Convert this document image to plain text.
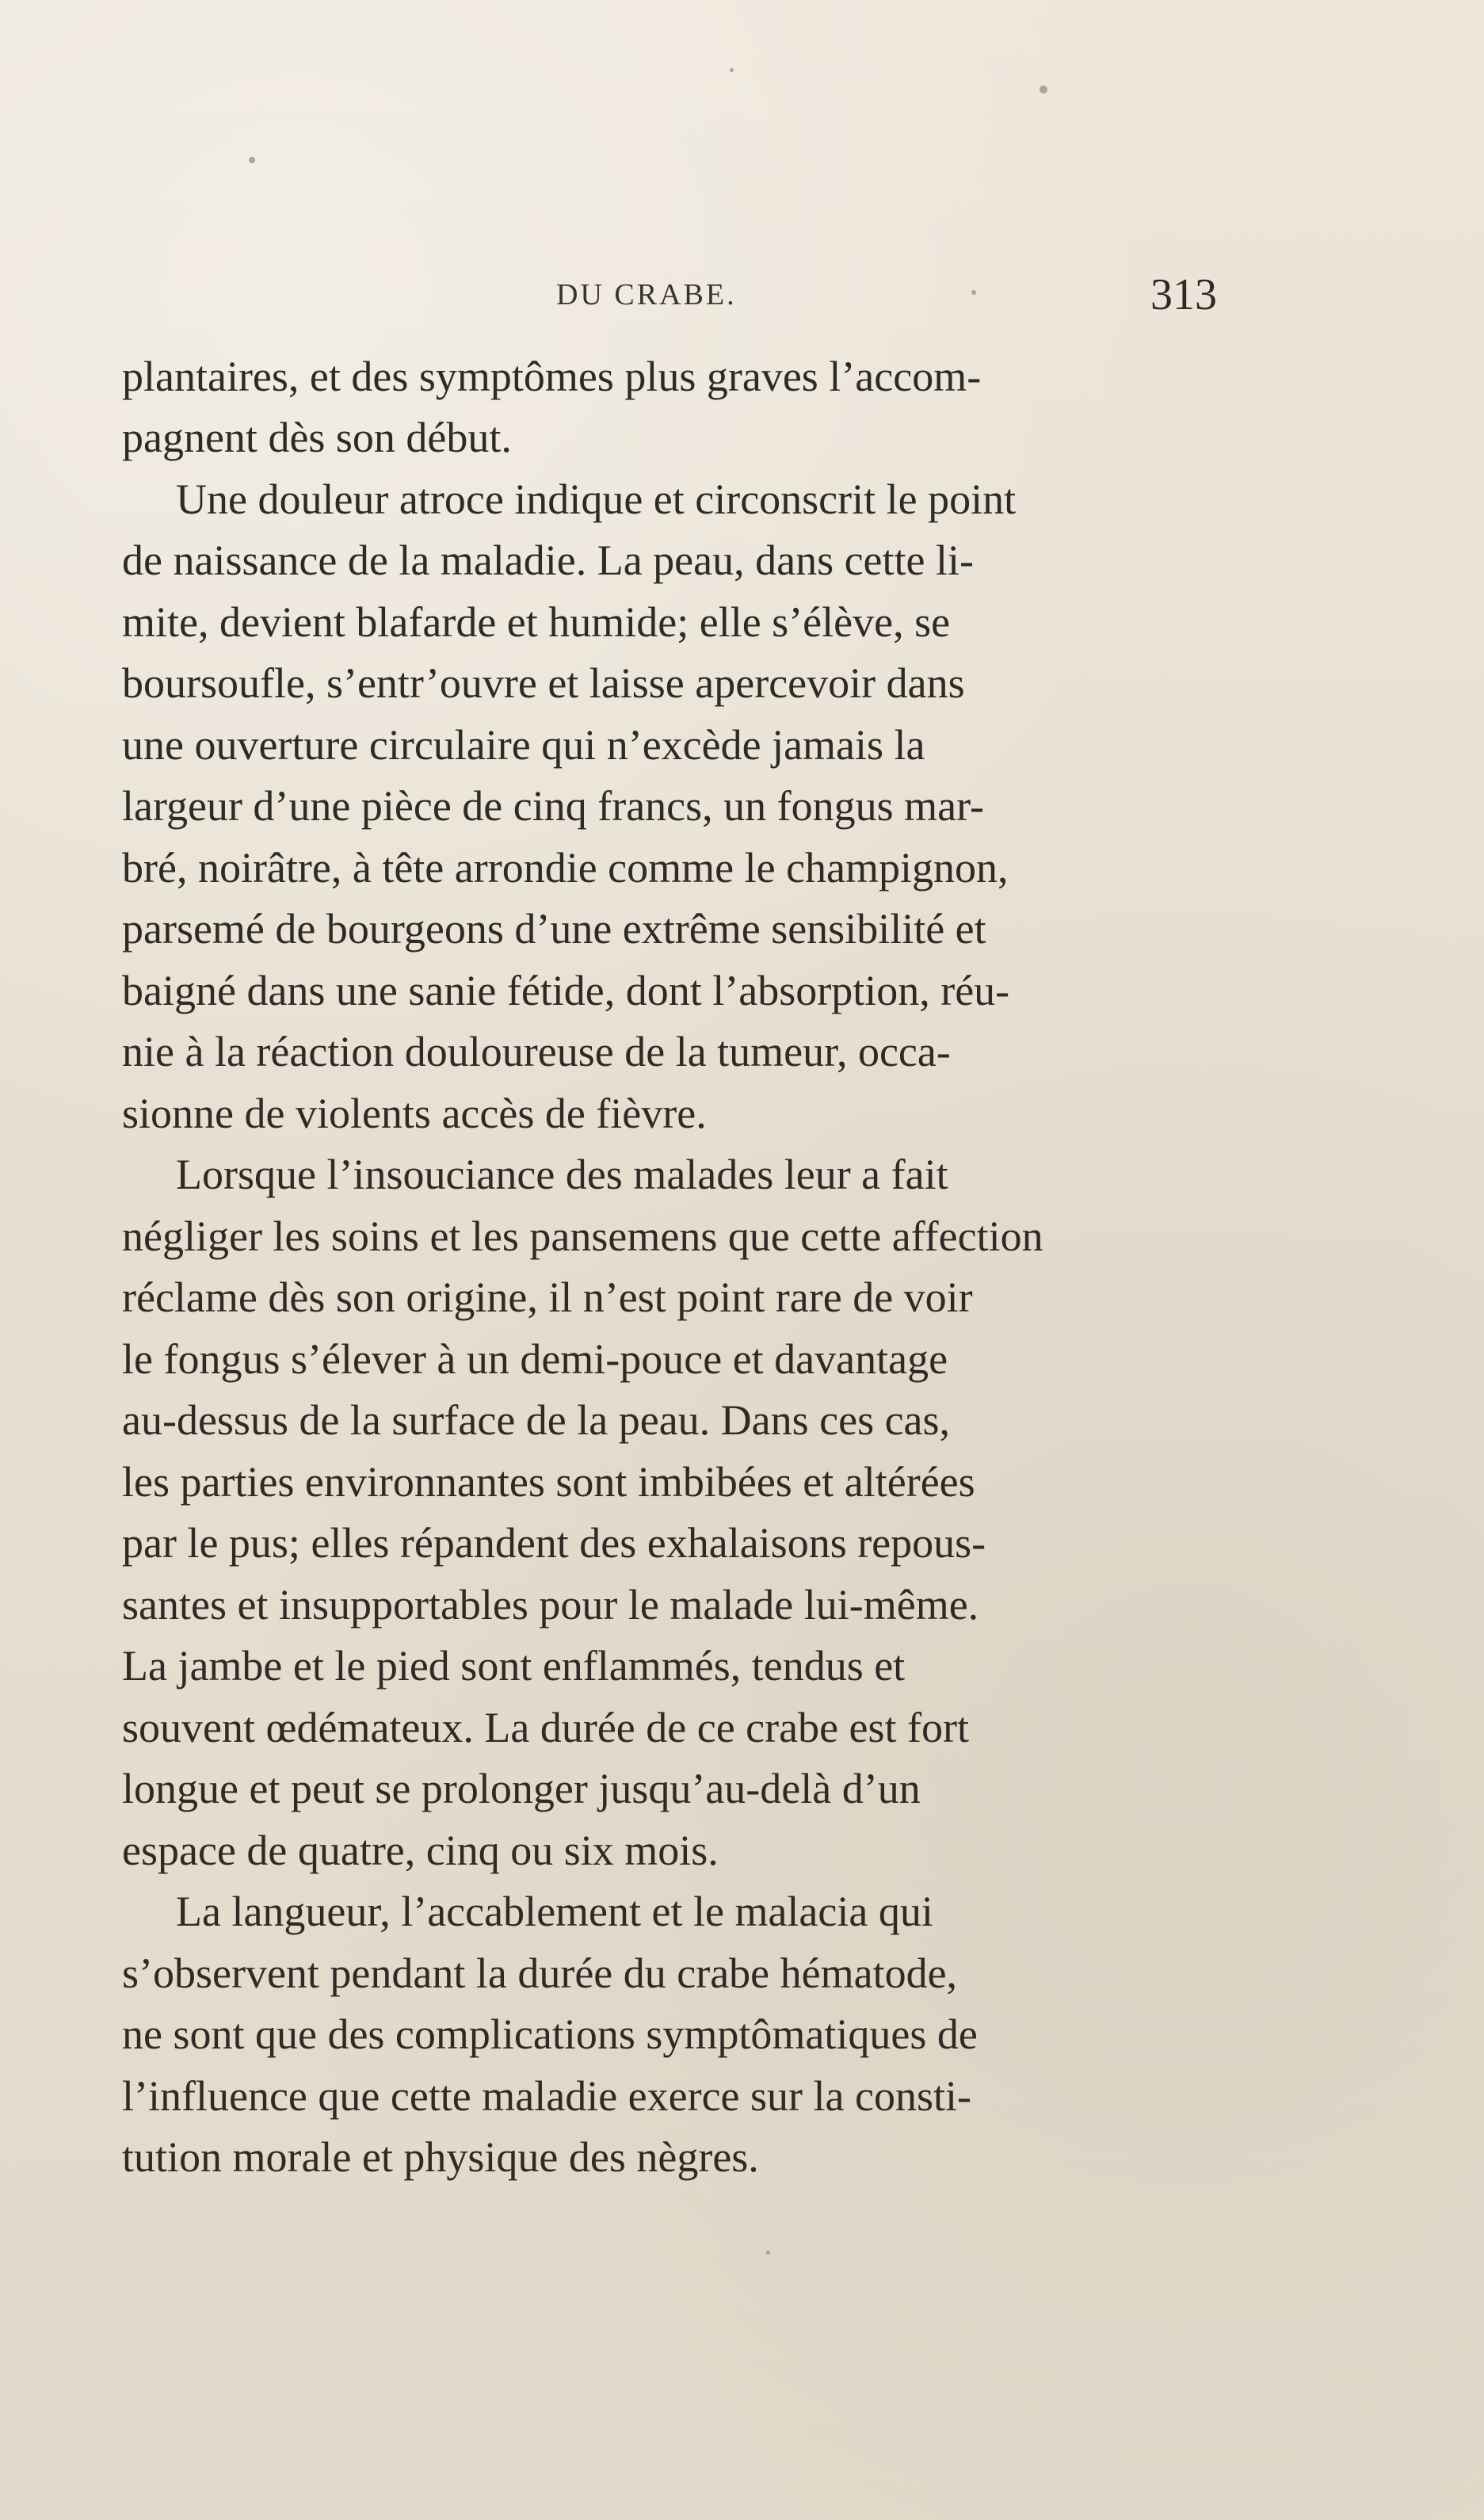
DU CRABE.	313
plantaires, et des symptômes plus graves l’accom-
pagnent dès son début.
Une douleur atroce indique et circonscrit le point
de naissance de la maladie. La peau, dans cette li-
mite, devient blafarde et humide; elle s’élève, se
boursoufle, s’entr’ouvre et laisse apercevoir dans
une ouverture circulaire qui n’excède jamais la
largeur d’une pièce de cinq francs, un fongus mar-
bré, noirâtre, à tête arrondie comme le champignon,
parsemé de bourgeons d’une extrême sensibilité et
baigné dans une sanie fétide, dont l’absorption, réu-
nie à la réaction douloureuse de la tumeur, occa-
sionne de violents accès de fièvre.
Lorsque l’insouciance des malades leur a fait
négliger les soins et les pansemens que cette affection
réclame dès son origine, il n’est point rare de voir
le fongus s’élever à un demi-pouce et davantage
au-dessus de la surface de la peau. Dans ces cas,
les parties environnantes sont imbibées et altérées
par le pus; elles répandent des exhalaisons repous-
santes et insupportables pour le malade lui-même.
La jambe et le pied sont enflammés, tendus et
souvent œdémateux. La durée de ce crabe est fort
longue et peut se prolonger jusqu’au-delà d’un
espace de quatre, cinq ou six mois.
La langueur, l’accablement et le malacia qui
s’observent pendant la durée du crabe hématode,
ne sont que des complications symptômatiques de
l’influence que cette maladie exerce sur la consti-
tution morale et physique des nègres.
